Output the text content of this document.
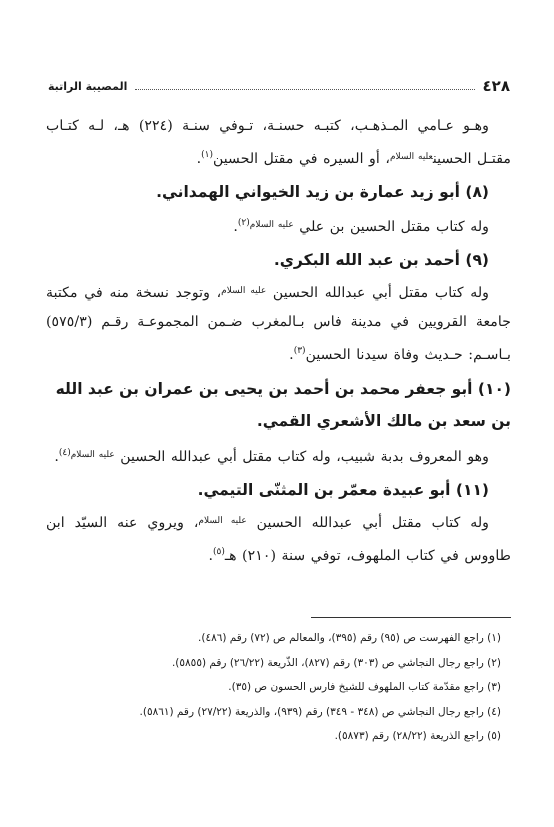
٤٢٨
المصيبة الراتبة

وهـو عـامي المـذهـب، كتبـه حسنـة، تـوفي سنـة (٢٢٤) هـ، لـه كتـاب مقتـل الحسين$^{عليه السلام}$، أو السيره في مقتل الحسين$^{(١)}$.

(٨) أبو زيد عمارة بن زيد الخيواني الهمداني.

وله كتاب مقتل الحسين بن علي $^{عليه السلام(٢)}$.

(٩) أحمد بن عبد الله البكري.

وله كتاب مقتل أبي عبدالله الحسين $^{عليه السلام}$، وتوجد نسخة منه في مكتبة جامعة القرويين في مدينة فاس بـالمغرب ضـمن المجموعـة رقـم (٥٧٥/٣) بـاسـم: حـديث وفاة سيدنا الحسين$^{(٣)}$.

(١٠) أبو جعفر محمد بن أحمد بن يحيى بن عمران بن عبد الله بن سعد بن مالك الأشعري القمي.

وهو المعروف بدبة شبيب، وله كتاب مقتل أبي عبدالله الحسين $^{عليه السلام(٤)}$.

(١١) أبو عبيدة معمّر بن المثنّى التيمي.

وله كتاب مقتل أبي عبدالله الحسين $^{عليه السلام}$، ويروي عنه السيّد ابن طاووس في كتاب الملهوف، توفي سنة (٢١٠) هـ$^{(٥)}$.

(١) راجع الفهرست ص (٩٥) رقم (٣٩٥)، والمعالم ص (٧٢) رقم (٤٨٦).

(٢) راجع رجال النجاشي ص (٣٠٣) رقم (٨٢٧)، الذّريعة (٢٦/٢٢) رقم (٥٨٥٥).

(٣) راجع مقدّمة كتاب الملهوف للشيخ فارس الحسون ص (٣٥).

(٤) راجع رجال النجاشي ص (٣٤٨ - ٣٤٩) رقم (٩٣٩)، والذريعة (٢٧/٢٢) رقم (٥٨٦١).

(٥) راجع الذريعة (٢٨/٢٢) رقم (٥٨٧٣).
